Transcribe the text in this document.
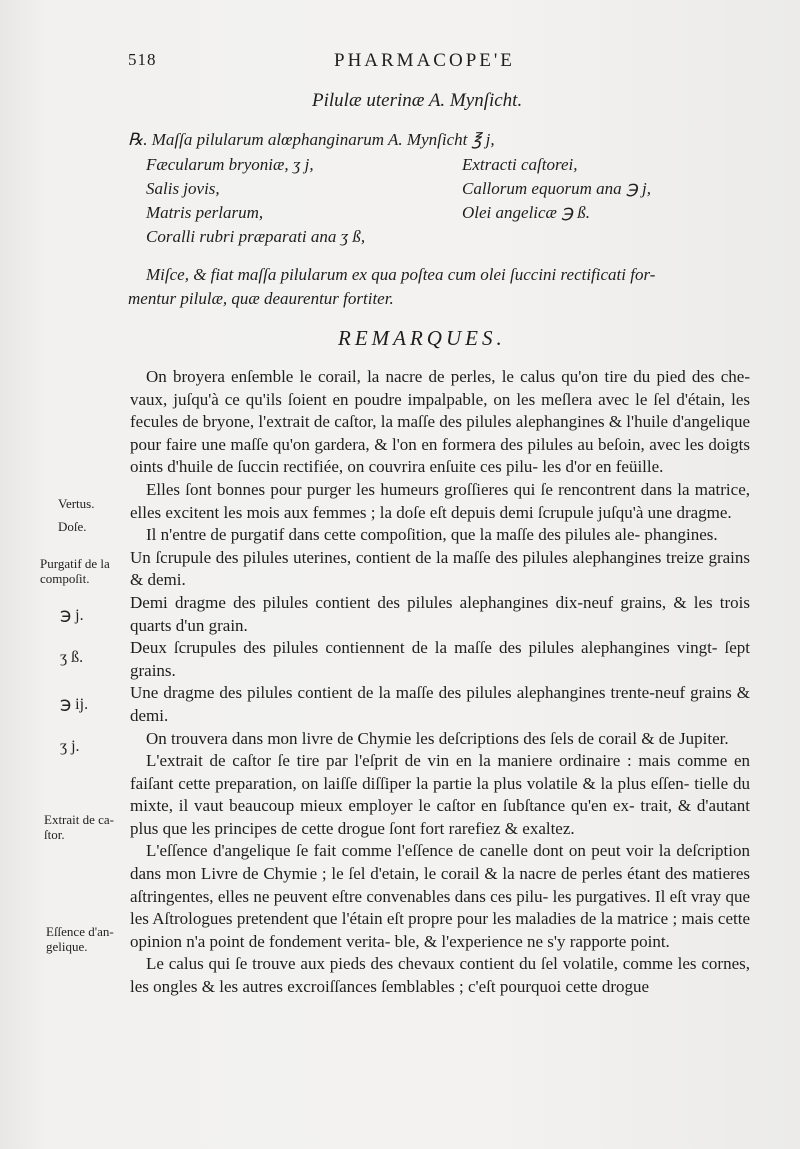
518	PHARMACOPE'E
Pilulæ uterinæ A. Mynſicht.
℞. Maſſa pilularum alœphanginarum A. Mynſicht ℥ j,
Fæcularum bryoniæ, ʒ j,
Salis jovis,
Matris perlarum,
Coralli rubri præparati ana ʒ ß,
Extracti caſtorei,
Callorum equorum ana ℈ j,
Olei angelicæ ℈ ß.
Miſce, & fiat maſſa pilularum ex qua poſtea cum olei ſuccini rectificati for-
mentur pilulæ, quæ deaurentur fortiter.
REMARQUES.
Vertus.
Doſe.
Purgatif de la compoſit.
℈ j.
ʒ ß.
℈ ij.
ʒ j.
Extrait de ca- ſtor.
Eſſence d'an- gelique.

On broyera enſemble le corail, la nacre de perles, le calus qu'on tire du pied des che- vaux, juſqu'à ce qu'ils ſoient en poudre impalpable, on les meſlera avec le ſel d'étain, les fecules de bryone, l'extrait de caſtor, la maſſe des pilules alephangines & l'huile d'angelique pour faire une maſſe qu'on gardera, & l'on en formera des pilules au beſoin, avec les doigts oints d'huile de ſuccin rectifiée, on couvrira enſuite ces pilu- les d'or en feüille.

Elles ſont bonnes pour purger les humeurs groſſieres qui ſe rencontrent dans la matrice, elles excitent les mois aux femmes ; la doſe eſt depuis demi ſcrupule juſqu'à une dragme.

Il n'entre de purgatif dans cette compoſition, que la maſſe des pilules ale- phangines.

Un ſcrupule des pilules uterines, contient de la maſſe des pilules alephangines treize grains & demi.

Demi dragme des pilules contient des pilules alephangines dix-neuf grains, & les trois quarts d'un grain.

Deux ſcrupules des pilules contiennent de la maſſe des pilules alephangines vingt- ſept grains.

Une dragme des pilules contient de la maſſe des pilules alephangines trente-neuf grains & demi.

On trouvera dans mon livre de Chymie les deſcriptions des ſels de corail & de Jupiter.

L'extrait de caſtor ſe tire par l'eſprit de vin en la maniere ordinaire : mais comme en faiſant cette preparation, on laiſſe diſſiper la partie la plus volatile & la plus eſſen- tielle du mixte, il vaut beaucoup mieux employer le caſtor en ſubſtance qu'en ex- trait, & d'autant plus que les principes de cette drogue ſont fort rarefiez & exaltez.

L'eſſence d'angelique ſe fait comme l'eſſence de canelle dont on peut voir la deſcription dans mon Livre de Chymie ; le ſel d'etain, le corail & la nacre de perles étant des matieres aſtringentes, elles ne peuvent eſtre convenables dans ces pilu- les purgatives. Il eſt vray que les Aſtrologues pretendent que l'étain eſt propre pour les maladies de la matrice ; mais cette opinion n'a point de fondement verita- ble, & l'experience ne s'y rapporte point.

Le calus qui ſe trouve aux pieds des chevaux contient du ſel volatile, comme les cornes, les ongles & les autres excroiſſances ſemblables ; c'eſt pourquoi cette drogue
